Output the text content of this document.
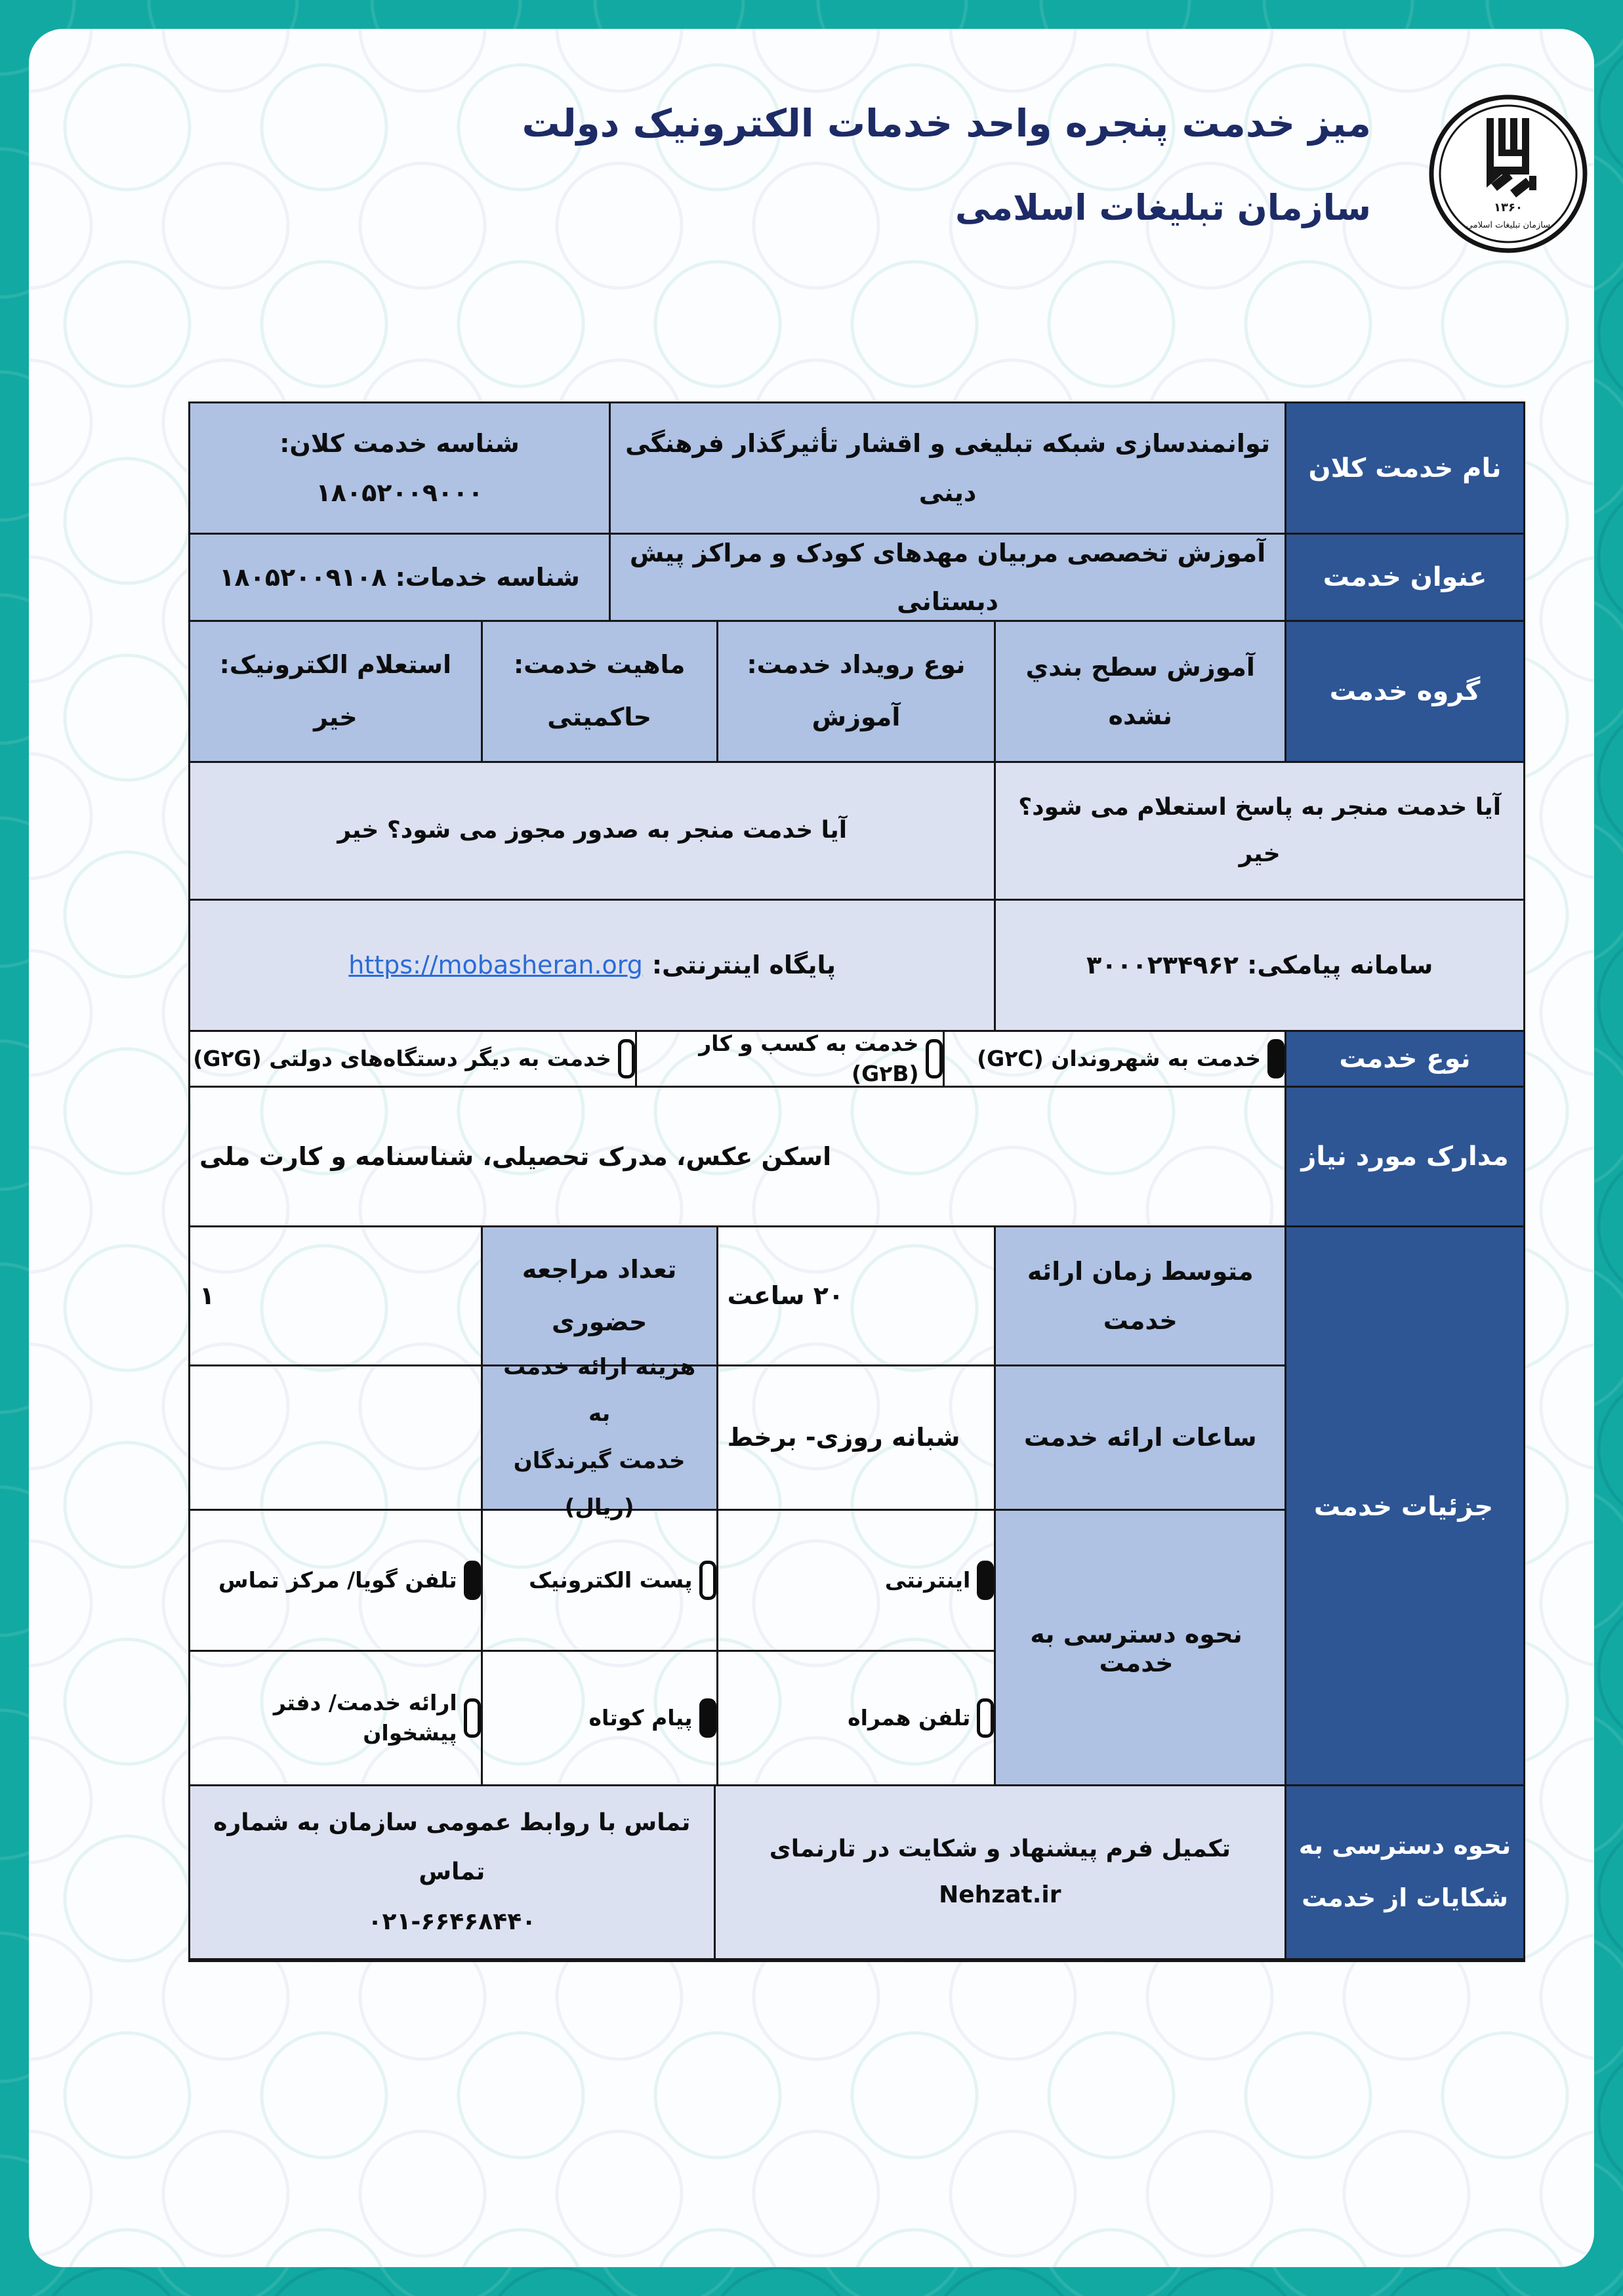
میز خدمت پنجره واحد خدمات الکترونیک دولت
سازمان تبلیغات اسلامی	۱۳۶۰
سازمان تبلیغات اسلامی
نام خدمت کلان
توانمندسازی شبکه تبلیغی و اقشار تأثیرگذار فرهنگی دینی
شناسه خدمت کلان: ۱۸۰۵۲۰۰۹۰۰۰
عنوان خدمت
آموزش تخصصی مربیان مهدهای کودک و مراکز پیش دبستانی
شناسه خدمات: ۱۸۰۵۲۰۰۹۱۰۸
گروه خدمت
آموزش سطح بندي نشده
نوع رویداد خدمت:
آموزش
ماهیت خدمت:
حاکمیتی
استعلام الکترونیک:
خیر
آیا خدمت منجر به پاسخ استعلام می شود؟ خیر
آیا خدمت منجر به صدور مجوز می شود؟ خیر
سامانه پیامکی: ۳۰۰۰۲۳۴۹۶۲
پایگاه اینترنتی:
https://mobasheran.org
نوع خدمت
خدمت به شهروندان (G۲C)
خدمت به کسب و کار (G۲B)
خدمت به دیگر دستگاه‌های دولتی (G۲G)
مدارک مورد نیاز
اسکن عکس، مدرک تحصیلی، شناسنامه و کارت ملی
متوسط زمان ارائه خدمت
۲۰ ساعت
تعداد مراجعه
حضوری
۱
ساعات ارائه خدمت
شبانه روزی- برخط
هزینه ارائه خدمت به
خدمت گیرندگان
(ریال)
اینترنتی
پست الکترونیک
تلفن گویا/ مرکز تماس
تلفن همراه
پیام کوتاه
ارائه خدمت/ دفتر پیشخوان
نحوه دسترسی به
شکایات از خدمت
تکمیل فرم پیشنهاد و شکایت در تارنمای Nehzat.ir
تماس با روابط عمومی سازمان به شماره تماس
۰۲۱-۶۶۴۶۸۴۴۰
جزئیات خدمت
نحوه دسترسی به خدمت
